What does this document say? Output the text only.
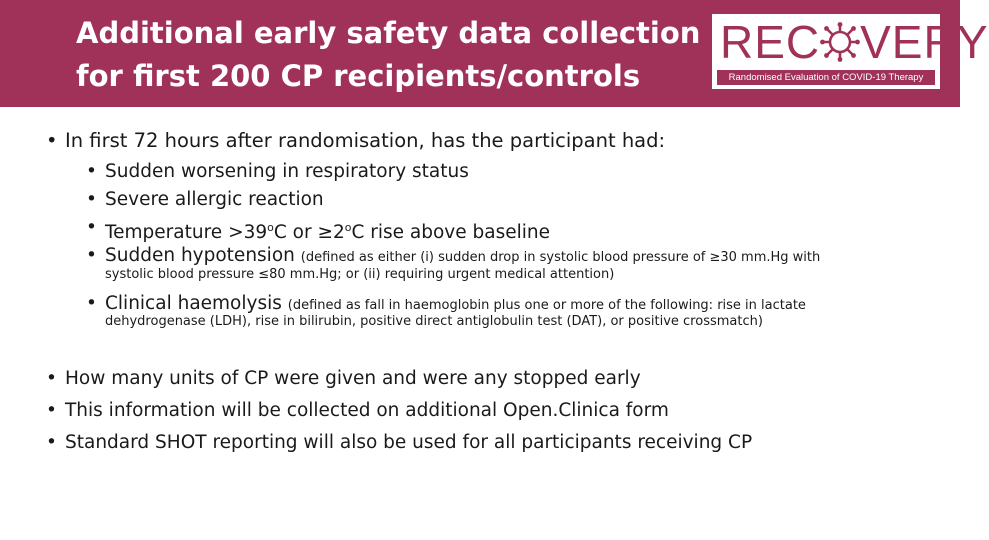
Additional early safety data collection
for first 200 CP recipients/controls
REC VERY
Randomised Evaluation of COVID-19 Therapy
• In first 72 hours after randomisation, has the participant had:
• Sudden worsening in respiratory status
• Severe allergic reaction
• Temperature $>39^oC$ or $\ge 2^oC$ rise above baseline
• Sudden hypotension (defined as either (i) sudden drop in systolic blood pressure of ≥30 mm.Hg with
systolic blood pressure ≤80 mm.Hg; or (ii) requiring urgent medical attention)
• Clinical haemolysis (defined as fall in haemoglobin plus one or more of the following: rise in lactate
dehydrogenase (LDH), rise in bilirubin, positive direct antiglobulin test (DAT), or positive crossmatch)
• How many units of CP were given and were any stopped early
• This information will be collected on additional Open.Clinica form
• Standard SHOT reporting will also be used for all participants receiving CP
